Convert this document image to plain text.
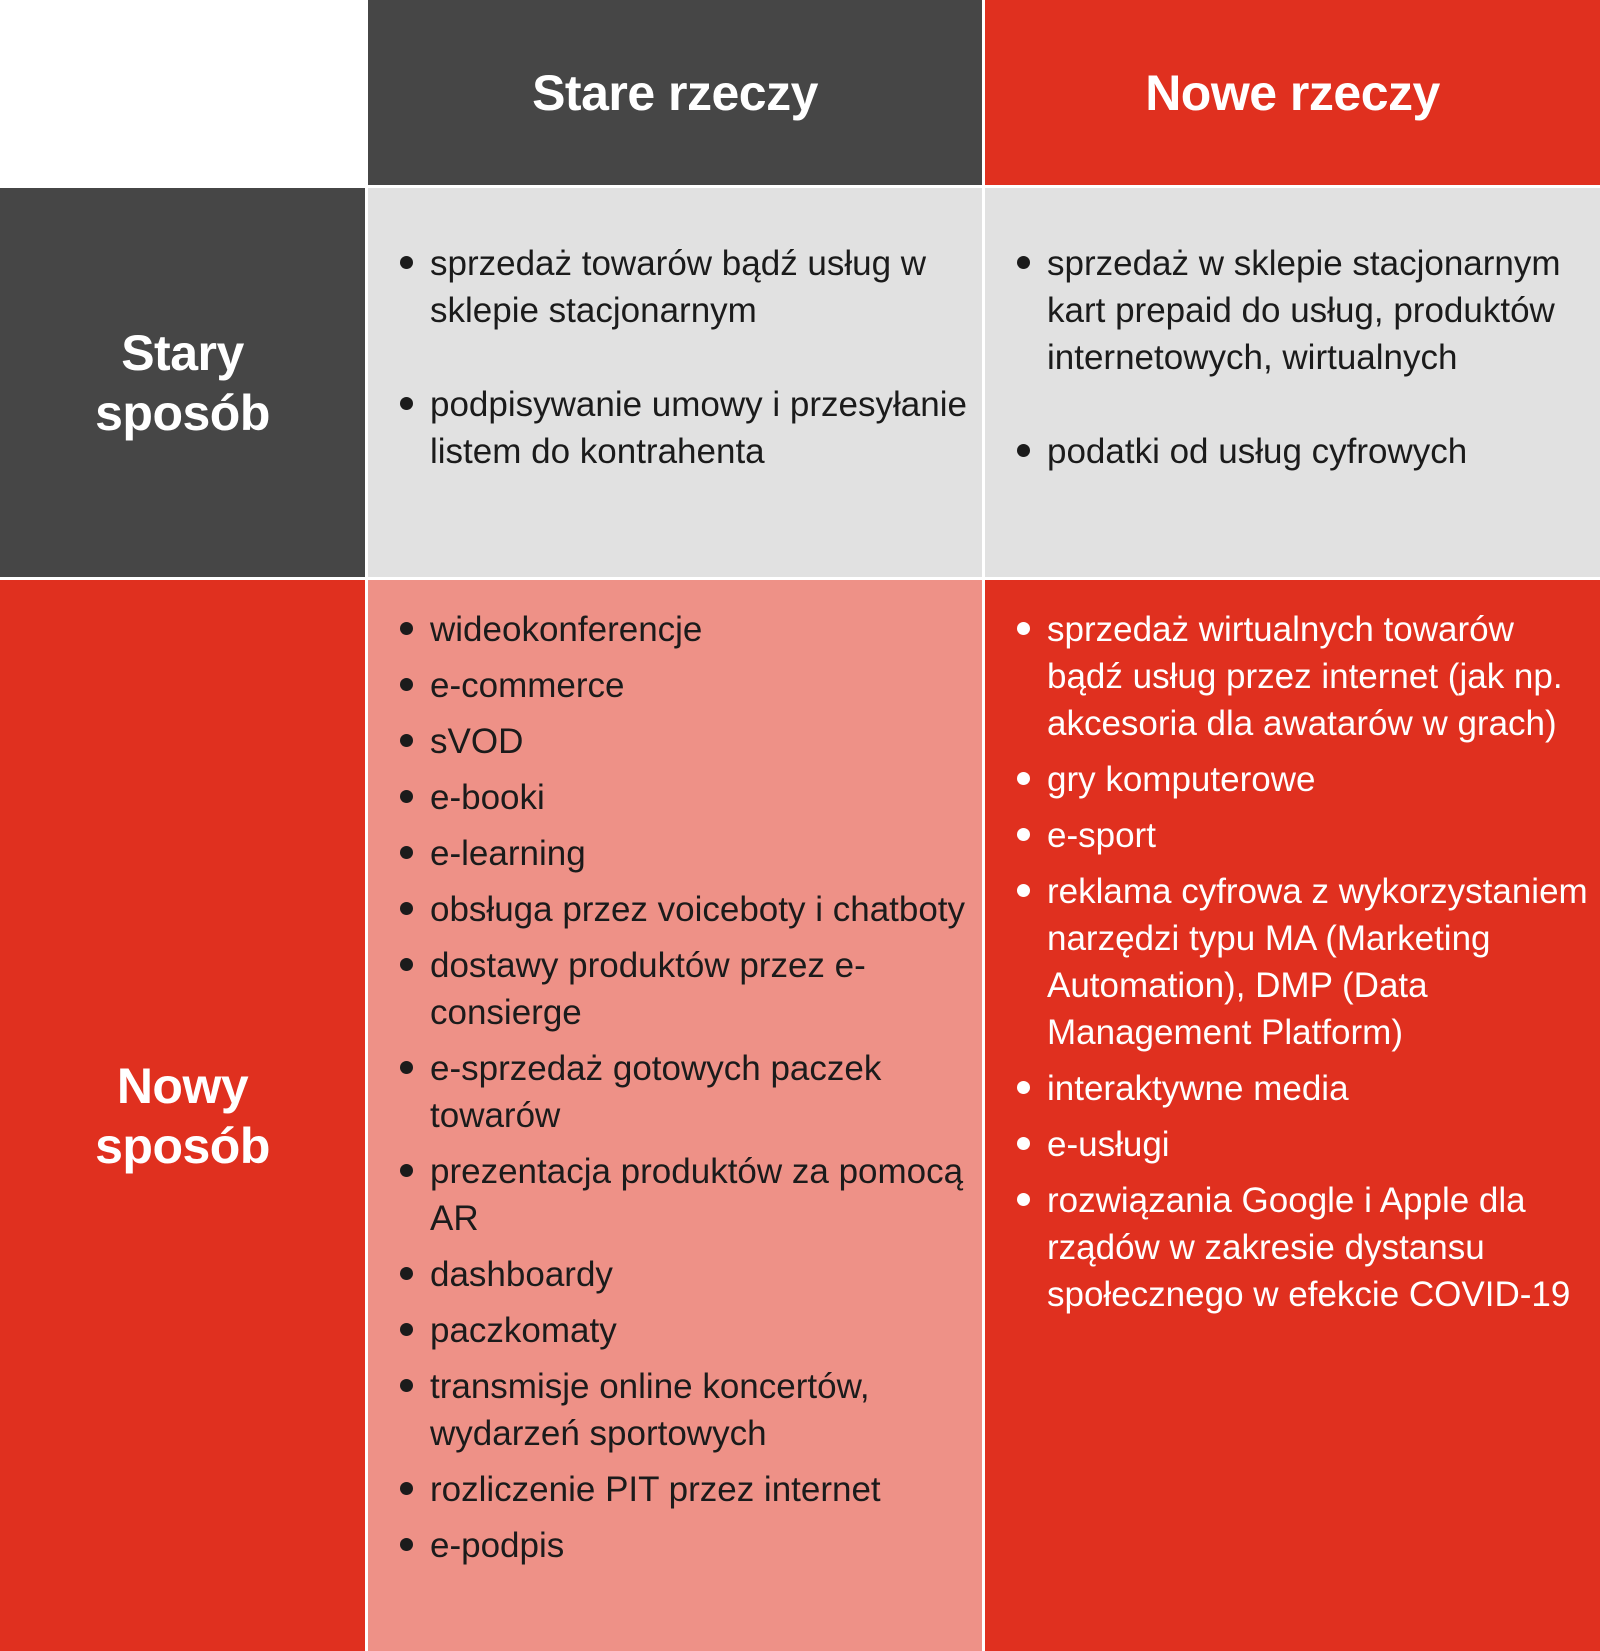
Stare rzeczy	Nowe rzeczy
Stary
sposób
Nowy
sposób
sprzedaż towarów bądź usług w sklepie stacjonarnym
podpisywanie umowy i przesyłanie listem do kontrahenta
sprzedaż w sklepie stacjonarnym kart prepaid do usług, produktów internetowych, wirtualnych
podatki od usług cyfrowych
wideokonferencje
e-commerce
sVOD
e-booki
e-learning
obsługa przez voiceboty i chatboty
dostawy produktów przez e-consierge
e-sprzedaż gotowych paczek towarów
prezentacja produktów za pomocą AR
dashboardy
paczkomaty
transmisje online koncertów, wydarzeń sportowych
rozliczenie PIT przez internet
e-podpis
sprzedaż wirtualnych towarów bądź usług przez internet (jak np. akcesoria dla awatarów w grach)
gry komputerowe
e-sport
reklama cyfrowa z wykorzystaniem narzędzi typu MA (Marketing Automation), DMP (Data Management Platform)
interaktywne media
e-usługi
rozwiązania Google i Apple dla rządów w zakresie dystansu społecznego w efekcie COVID-19
